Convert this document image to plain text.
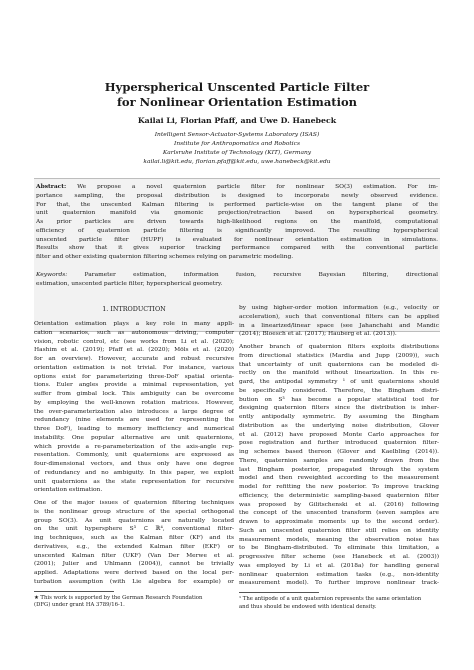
Hyperspherical Unscented Particle Filter
for Nonlinear Orientation Estimation
Kailai Li, Florian Pfaff, and Uwe D. Hanebeck
Intelligent Sensor-Actuator-Systems Laboratory (ISAS)
Institute for Anthropomatics and Robotics
Karlsruhe Institute of Technology (KIT), Germany
kailai.li@kit.edu, florian.pfaff@kit.edu, uwe.hanebeck@kit.edu
Abstract: We propose a novel quaternion particle filter for nonlinear SO(3) estimation. For im-
portance sampling, the proposal distribution is designed to incorporate newly observed evidence.
For that, the unscented Kalman filtering is performed particle-wise on the tangent plane of the
unit quaternion manifold via gnomonic projection/retraction based on hyperspherical geometry.
As prior particles are driven towards high-likelihood regions on the manifold, computational
efficiency of quaternion particle filtering is significantly improved. The resulting hyperspherical
unscented particle filter (HUPF) is evaluated for nonlinear orientation estimation in simulations.
Results show that it gives superior tracking performance compared with the conventional particle
filter and other existing quaternion filtering schemes relying on parametric modeling.
Keywords:	Parameter estimation, information fusion, recursive Bayesian filtering, directional
estimation, unscented particle filter, hyperspherical geometry.
1. INTRODUCTION
Orientation estimation plays a key role in many appli-
cation scenarios, such as autonomous driving, computer
vision, robotic control, etc (see works from Li et al. (2020);
Hashim et al. (2019); Pfaff et al. (2020); Möls et al. (2020)
for an overview). However, accurate and robust recursive
orientation estimation is not trivial. For instance, various
options exist for parameterizing three-DoF spatial orienta-
tions. Euler angles provide a minimal representation, yet
suffer from gimbal lock. This ambiguity can be overcome
by employing the well-known rotation matrices. However,
the over-parameterization also introduces a large degree of
redundancy (nine elements are used for representing the
three DoF), leading to memory inefficiency and numerical
instability. One popular alternative are unit quaternions,
which provide a re-parameterization of the axis-angle rep-
resentation. Commonly, unit quaternions are expressed as
four-dimensional vectors, and thus only have one degree
of redundancy and no ambiguity. In this paper, we exploit
unit quaternions as the state representation for recursive
orientation estimation.
One of the major issues of quaternion filtering techniques
is the nonlinear group structure of the special orthogonal
group SO(3). As unit quaternions are naturally located
on the unit hypersphere S³ ⊂ ℝ⁴, conventional filter-
ing techniques, such as the Kalman filter (KF) and its
derivatives, e.g., the extended Kalman filter (EKF) or
unscented Kalman filter (UKF) (Van Der Merwe et al.
(2001); Julier and Uhlmann (2004)), cannot be trivially
applied. Adaptations were derived based on the local per-
turbation assumption (with Lie algebra for example) or
★ This work is supported by the German Research Foundation
(DFG) under grant HA 3789/16-1.
by using higher-order motion information (e.g., velocity or
acceleration), such that conventional filters can be applied
in a linearized/linear space (see Jahanchahi and Mandic
(2014); Bloesch et al. (2017); Hauberg et al. (2013)).
Another branch of quaternion filters exploits distributions
from directional statistics (Mardia and Jupp (2009)), such
that uncertainty of unit quaternions can be modeled di-
rectly on the manifold without linearization. In this re-
gard, the antipodal symmetry ¹ of unit quaternions should
be specifically considered. Therefore, the Bingham distri-
bution on S³ has become a popular statistical tool for
designing quaternion filters since the distribution is inher-
ently antipodally symmetric. By assuming the Bingham
distribution as the underlying noise distribution, Glover
et al. (2012) have proposed Monte Carlo approaches for
pose registration and further introduced quaternion filter-
ing schemes based thereon (Glover and Kaelbling (2014)).
There, quaternion samples are randomly drawn from the
last Bingham posterior, propagated through the system
model and then reweighted according to the measurement
model for refitting the new posterior. To improve tracking
efficiency, the deterministic sampling-based quaternion filter
was proposed by Gilitschenski et al. (2016) following
the concept of the unscented transform (seven samples are
drawn to approximate moments up to the second order).
Such an unscented quaternion filter still relies on identity
measurement models, meaning the observation noise has
to be Bingham-distributed. To eliminate this limitation, a
progressive filter scheme (see Hanebeck et al. (2003))
was employed by Li et al. (2018a) for handling general
nonlinear quaternion estimation tasks (e.g., non-identity
measurement model). To further improve nonlinear track-
¹ The antipode of a unit quaternion represents the same orientation
and thus should be endowed with identical density.
